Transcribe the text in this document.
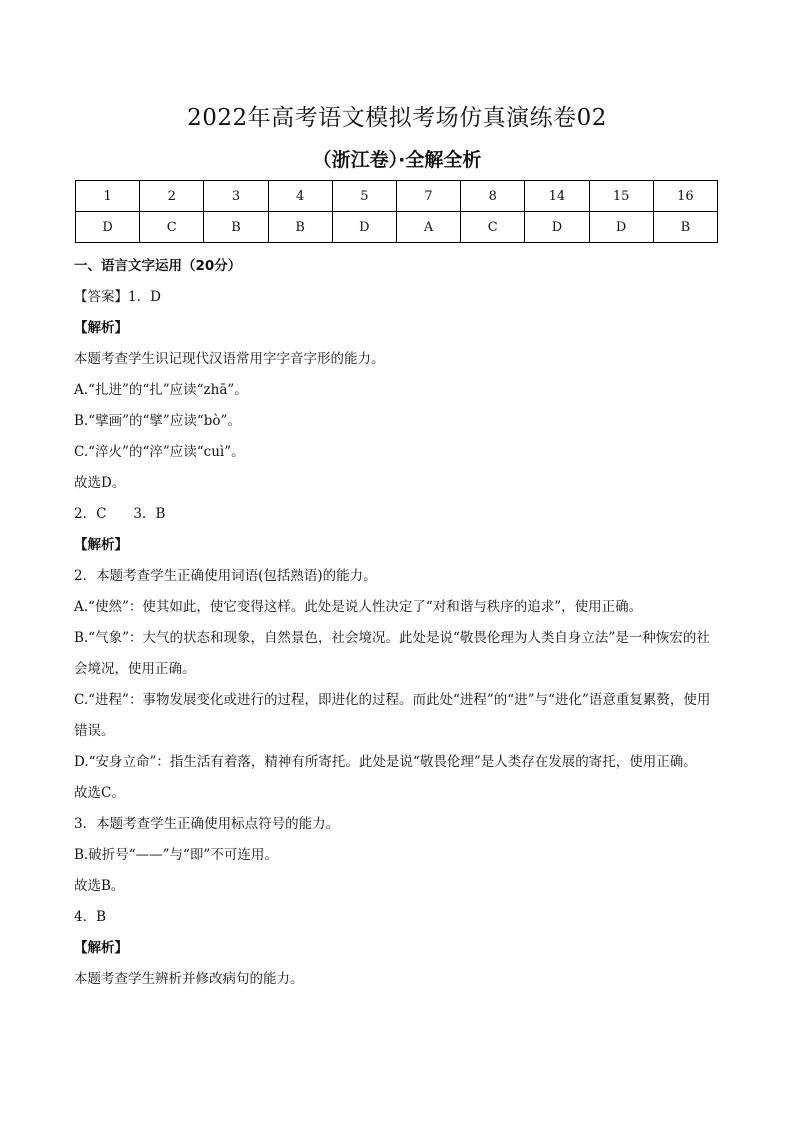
2022年高考语文模拟考场仿真演练卷02
（浙江卷）·全解全析
1	2	3	4	5	7	8	14	15	16
D	C	B	B	D	A	C	D	D	B
一、语言文字运用（20分）
【答案】1．D
【解析】
本题考查学生识记现代汉语常用字字音字形的能力。
A.“扎进”的“扎”应读“zhā”。
B.“擘画”的“擘”应读“bò”。
C.“淬火”的“淬”应读“cuì”。
故选D。
2．C　　3．B
【解析】
2．本题考查学生正确使用词语(包括熟语)的能力。
A.“使然”：使其如此，使它变得这样。此处是说人性决定了“对和谐与秩序的追求”，使用正确。
B.“气象”：大气的状态和现象，自然景色，社会境况。此处是说“敬畏伦理为人类自身立法”是一种恢宏的社
会境况，使用正确。
C.“进程”：事物发展变化或进行的过程，即进化的过程。而此处“进程”的“进”与“进化”语意重复累赘，使用
错误。
D.“安身立命”：指生活有着落，精神有所寄托。此处是说“敬畏伦理”是人类存在发展的寄托，使用正确。
故选C。
3．本题考查学生正确使用标点符号的能力。
B.破折号“——”与“即”不可连用。
故选B。
4．B
【解析】
本题考查学生辨析并修改病句的能力。
